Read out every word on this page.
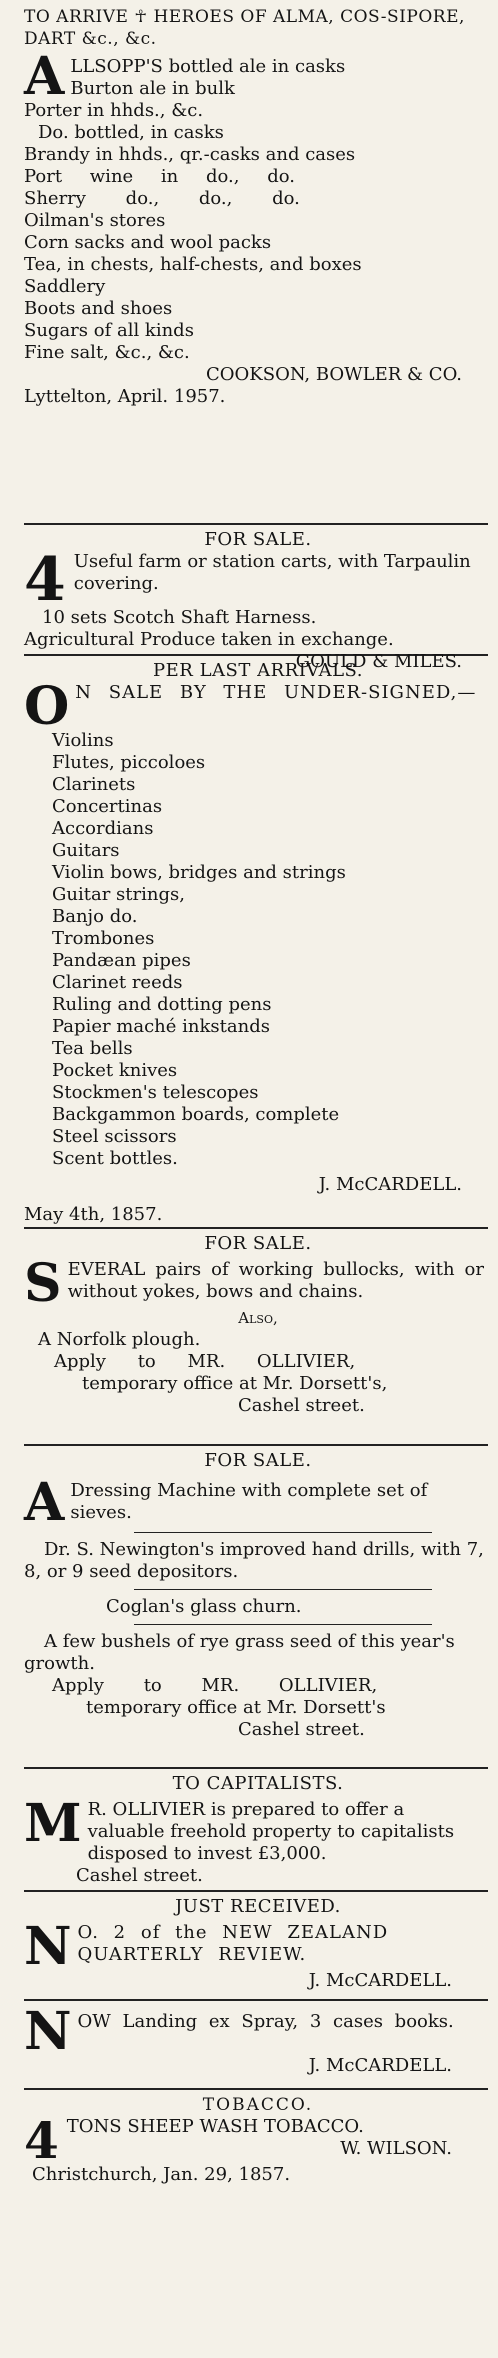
TO ARRIVE ☥ HEROES OF ALMA, COS-SIPORE, DART &c., &c.
A LLSOPP'S bottled ale in casks
Burton ale in bulk
Porter in hhds., &c.
Do. bottled, in casks
Brandy in hhds., qr.-casks and cases
Port wine in do., do.
Sherry do., do., do.
Oilman's stores
Corn sacks and wool packs
Tea, in chests, half-chests, and boxes
Saddlery
Boots and shoes
Sugars of all kinds
Fine salt, &c., &c.
COOKSON, BOWLER & CO.
Lyttelton, April. 1957.
FOR SALE.
4 Useful farm or station carts, with Tarpaulin covering.
10 sets Scotch Shaft Harness.
Agricultural Produce taken in exchange.
GOULD & MILES.
PER LAST ARRIVALS.
O N SALE BY THE UNDER-SIGNED,—
Violins
Flutes, piccoloes
Clarinets
Concertinas
Accordians
Guitars
Violin bows, bridges and strings
Guitar strings,
Banjo do.
Trombones
Pandæan pipes
Clarinet reeds
Ruling and dotting pens
Papier maché inkstands
Tea bells
Pocket knives
Stockmen's telescopes
Backgammon boards, complete
Steel scissors
Scent bottles.
J. McCARDELL.
May 4th, 1857.
FOR SALE.
S EVERAL pairs of working bullocks, with or without yokes, bows and chains.
Also,
A Norfolk plough.
Apply to MR. OLLIVIER,
temporary office at Mr. Dorsett's,
Cashel street.
FOR SALE.
A Dressing Machine with complete set of sieves.
Dr. S. Newington's improved hand drills, with 7, 8, or 9 seed depositors.
Coglan's glass churn.
A few bushels of rye grass seed of this year's growth.
Apply to MR. OLLIVIER,
temporary office at Mr. Dorsett's
Cashel street.
TO CAPITALISTS.
M R. OLLIVIER is prepared to offer a valuable freehold property to capitalists disposed to invest £3,000.
Cashel street.
JUST RECEIVED.
N O. 2 of the NEW ZEALAND QUARTERLY REVIEW.
J. McCARDELL.
N OW Landing ex Spray, 3 cases books.
J. McCARDELL.
TOBACCO.
4 TONS SHEEP WASH TOBACCO.
W. WILSON.
Christchurch, Jan. 29, 1857.
